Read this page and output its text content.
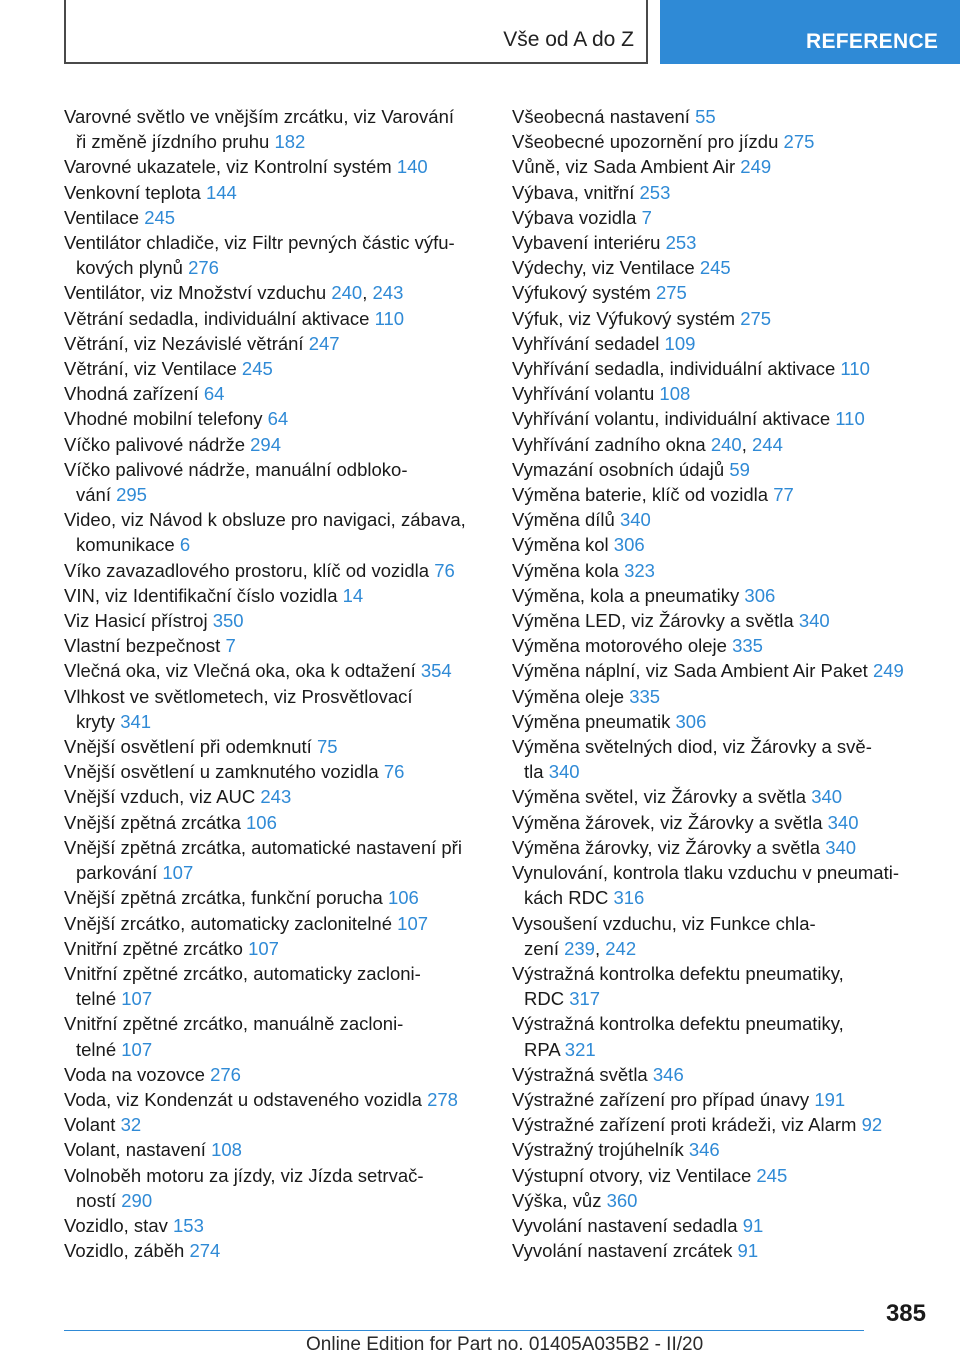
Vše od A do Z	REFERENCE
Varovné světlo ve vnějším zrcátku, viz Varování
ři změně jízdního pruhu 182
Varovné ukazatele, viz Kontrolní systém 140
Venkovní teplota 144
Ventilace 245
Ventilátor chladiče, viz Filtr pevných částic výfu-
kových plynů 276
Ventilátor, viz Množství vzduchu 240, 243
Větrání sedadla, individuální aktivace 110
Větrání, viz Nezávislé větrání 247
Větrání, viz Ventilace 245
Vhodná zařízení 64
Vhodné mobilní telefony 64
Víčko palivové nádrže 294
Víčko palivové nádrže, manuální odbloko-
vání 295
Video, viz Návod k obsluze pro navigaci, zábava,
komunikace 6
Víko zavazadlového prostoru, klíč od vozidla 76
VIN, viz Identifikační číslo vozidla 14
Viz Hasicí přístroj 350
Vlastní bezpečnost 7
Vlečná oka, viz Vlečná oka, oka k odtažení 354
Vlhkost ve světlometech, viz Prosvětlovací
kryty 341
Vnější osvětlení při odemknutí 75
Vnější osvětlení u zamknutého vozidla 76
Vnější vzduch, viz AUC 243
Vnější zpětná zrcátka 106
Vnější zpětná zrcátka, automatické nastavení při
parkování 107
Vnější zpětná zrcátka, funkční porucha 106
Vnější zrcátko, automaticky zaclonitelné 107
Vnitřní zpětné zrcátko 107
Vnitřní zpětné zrcátko, automaticky zacloni-
telné 107
Vnitřní zpětné zrcátko, manuálně zacloni-
telné 107
Voda na vozovce 276
Voda, viz Kondenzát u odstaveného vozidla 278
Volant 32
Volant, nastavení 108
Volnoběh motoru za jízdy, viz Jízda setrvač-
ností 290
Vozidlo, stav 153
Vozidlo, záběh 274
Všeobecná nastavení 55
Všeobecné upozornění pro jízdu 275
Vůně, viz Sada Ambient Air 249
Výbava, vnitřní 253
Výbava vozidla 7
Vybavení interiéru 253
Výdechy, viz Ventilace 245
Výfukový systém 275
Výfuk, viz Výfukový systém 275
Vyhřívání sedadel 109
Vyhřívání sedadla, individuální aktivace 110
Vyhřívání volantu 108
Vyhřívání volantu, individuální aktivace 110
Vyhřívání zadního okna 240, 244
Vymazání osobních údajů 59
Výměna baterie, klíč od vozidla 77
Výměna dílů 340
Výměna kol 306
Výměna kola 323
Výměna, kola a pneumatiky 306
Výměna LED, viz Žárovky a světla 340
Výměna motorového oleje 335
Výměna náplní, viz Sada Ambient Air Paket 249
Výměna oleje 335
Výměna pneumatik 306
Výměna světelných diod, viz Žárovky a svě-
tla 340
Výměna světel, viz Žárovky a světla 340
Výměna žárovek, viz Žárovky a světla 340
Výměna žárovky, viz Žárovky a světla 340
Vynulování, kontrola tlaku vzduchu v pneumati-
kách RDC 316
Vysoušení vzduchu, viz Funkce chla-
zení 239, 242
Výstražná kontrolka defektu pneumatiky,
RDC 317
Výstražná kontrolka defektu pneumatiky,
RPA 321
Výstražná světla 346
Výstražné zařízení pro případ únavy 191
Výstražné zařízení proti krádeži, viz Alarm 92
Výstražný trojúhelník 346
Výstupní otvory, viz Ventilace 245
Výška, vůz 360
Vyvolání nastavení sedadla 91
Vyvolání nastavení zrcátek 91
385
Online Edition for Part no. 01405A035B2 - II/20
